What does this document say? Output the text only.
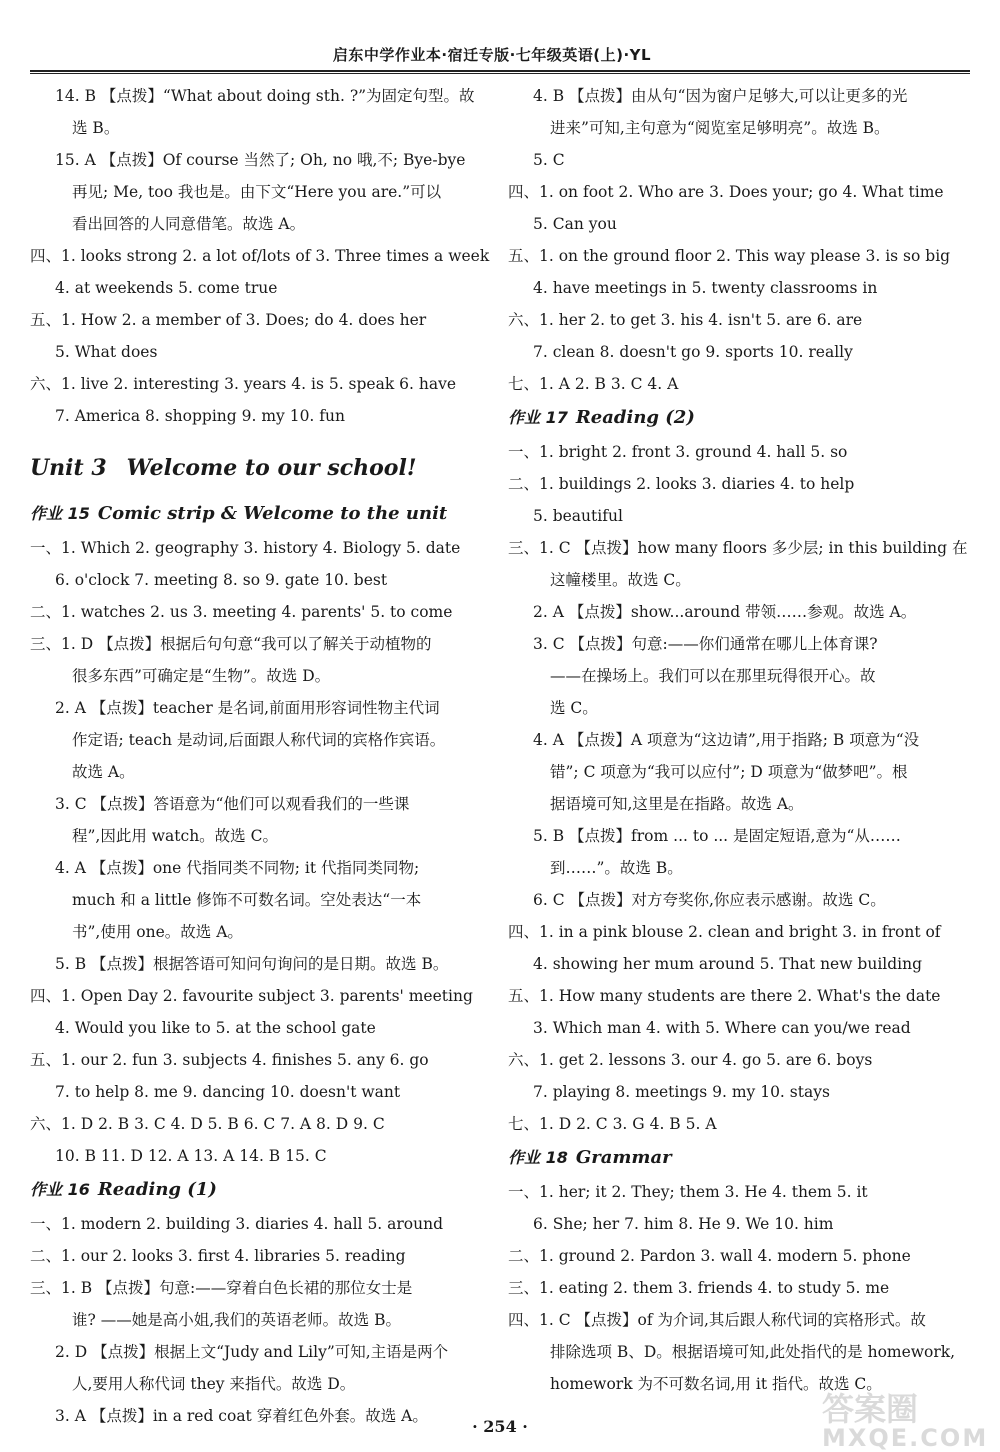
启东中学作业本·宿迁专版·七年级英语(上)·YL
14. B 【点拨】“What about doing sth. ?”为固定句型。故
选 B。
15. A 【点拨】Of course 当然了; Oh, no 哦,不; Bye-bye
再见; Me, too 我也是。由下文“Here you are.”可以
看出回答的人同意借笔。故选 A。
四、1. looks strong 2. a lot of/lots of 3. Three times a week
4. at weekends 5. come true
五、1. How 2. a member of 3. Does; do 4. does her
5. What does
六、1. live 2. interesting 3. years 4. is 5. speak 6. have
7. America 8. shopping 9. my 10. fun
Unit 3 Welcome to our school!
作业 15 Comic strip & Welcome to the unit
一、1. Which 2. geography 3. history 4. Biology 5. date
6. o'clock 7. meeting 8. so 9. gate 10. best
二、1. watches 2. us 3. meeting 4. parents' 5. to come
三、1. D 【点拨】根据后句句意“我可以了解关于动植物的
很多东西”可确定是“生物”。故选 D。
2. A 【点拨】teacher 是名词,前面用形容词性物主代词
作定语; teach 是动词,后面跟人称代词的宾格作宾语。
故选 A。
3. C 【点拨】答语意为“他们可以观看我们的一些课
程”,因此用 watch。故选 C。
4. A 【点拨】one 代指同类不同物; it 代指同类同物;
much 和 a little 修饰不可数名词。空处表达“一本
书”,使用 one。故选 A。
5. B 【点拨】根据答语可知问句询问的是日期。故选 B。
四、1. Open Day 2. favourite subject 3. parents' meeting
4. Would you like to 5. at the school gate
五、1. our 2. fun 3. subjects 4. finishes 5. any 6. go
7. to help 8. me 9. dancing 10. doesn't want
六、1. D 2. B 3. C 4. D 5. B 6. C 7. A 8. D 9. C
10. B 11. D 12. A 13. A 14. B 15. C
作业 16 Reading (1)
一、1. modern 2. building 3. diaries 4. hall 5. around
二、1. our 2. looks 3. first 4. libraries 5. reading
三、1. B 【点拨】句意:——穿着白色长裙的那位女士是
谁? ——她是高小姐,我们的英语老师。故选 B。
2. D 【点拨】根据上文“Judy and Lily”可知,主语是两个
人,要用人称代词 they 来指代。故选 D。
3. A 【点拨】in a red coat 穿着红色外套。故选 A。
4. B 【点拨】由从句“因为窗户足够大,可以让更多的光
进来”可知,主句意为“阅览室足够明亮”。故选 B。
5. C
四、1. on foot 2. Who are 3. Does your; go 4. What time
5. Can you
五、1. on the ground floor 2. This way please 3. is so big
4. have meetings in 5. twenty classrooms in
六、1. her 2. to get 3. his 4. isn't 5. are 6. are
7. clean 8. doesn't go 9. sports 10. really
七、1. A 2. B 3. C 4. A
作业 17 Reading (2)
一、1. bright 2. front 3. ground 4. hall 5. so
二、1. buildings 2. looks 3. diaries 4. to help
5. beautiful
三、1. C 【点拨】how many floors 多少层; in this building 在
这幢楼里。故选 C。
2. A 【点拨】show...around 带领……参观。故选 A。
3. C 【点拨】句意:——你们通常在哪儿上体育课?
——在操场上。我们可以在那里玩得很开心。故
选 C。
4. A 【点拨】A 项意为“这边请”,用于指路; B 项意为“没
错”; C 项意为“我可以应付”; D 项意为“做梦吧”。根
据语境可知,这里是在指路。故选 A。
5. B 【点拨】from ... to ... 是固定短语,意为“从……
到……”。故选 B。
6. C 【点拨】对方夸奖你,你应表示感谢。故选 C。
四、1. in a pink blouse 2. clean and bright 3. in front of
4. showing her mum around 5. That new building
五、1. How many students are there 2. What's the date
3. Which man 4. with 5. Where can you/we read
六、1. get 2. lessons 3. our 4. go 5. are 6. boys
7. playing 8. meetings 9. my 10. stays
七、1. D 2. C 3. G 4. B 5. A
作业 18 Grammar
一、1. her; it 2. They; them 3. He 4. them 5. it
6. She; her 7. him 8. He 9. We 10. him
二、1. ground 2. Pardon 3. wall 4. modern 5. phone
三、1. eating 2. them 3. friends 4. to study 5. me
四、1. C 【点拨】of 为介词,其后跟人称代词的宾格形式。故
排除选项 B、D。根据语境可知,此处指代的是 homework,
homework 为不可数名词,用 it 指代。故选 C。
· 254 ·	答案圈
MXQE.COM
